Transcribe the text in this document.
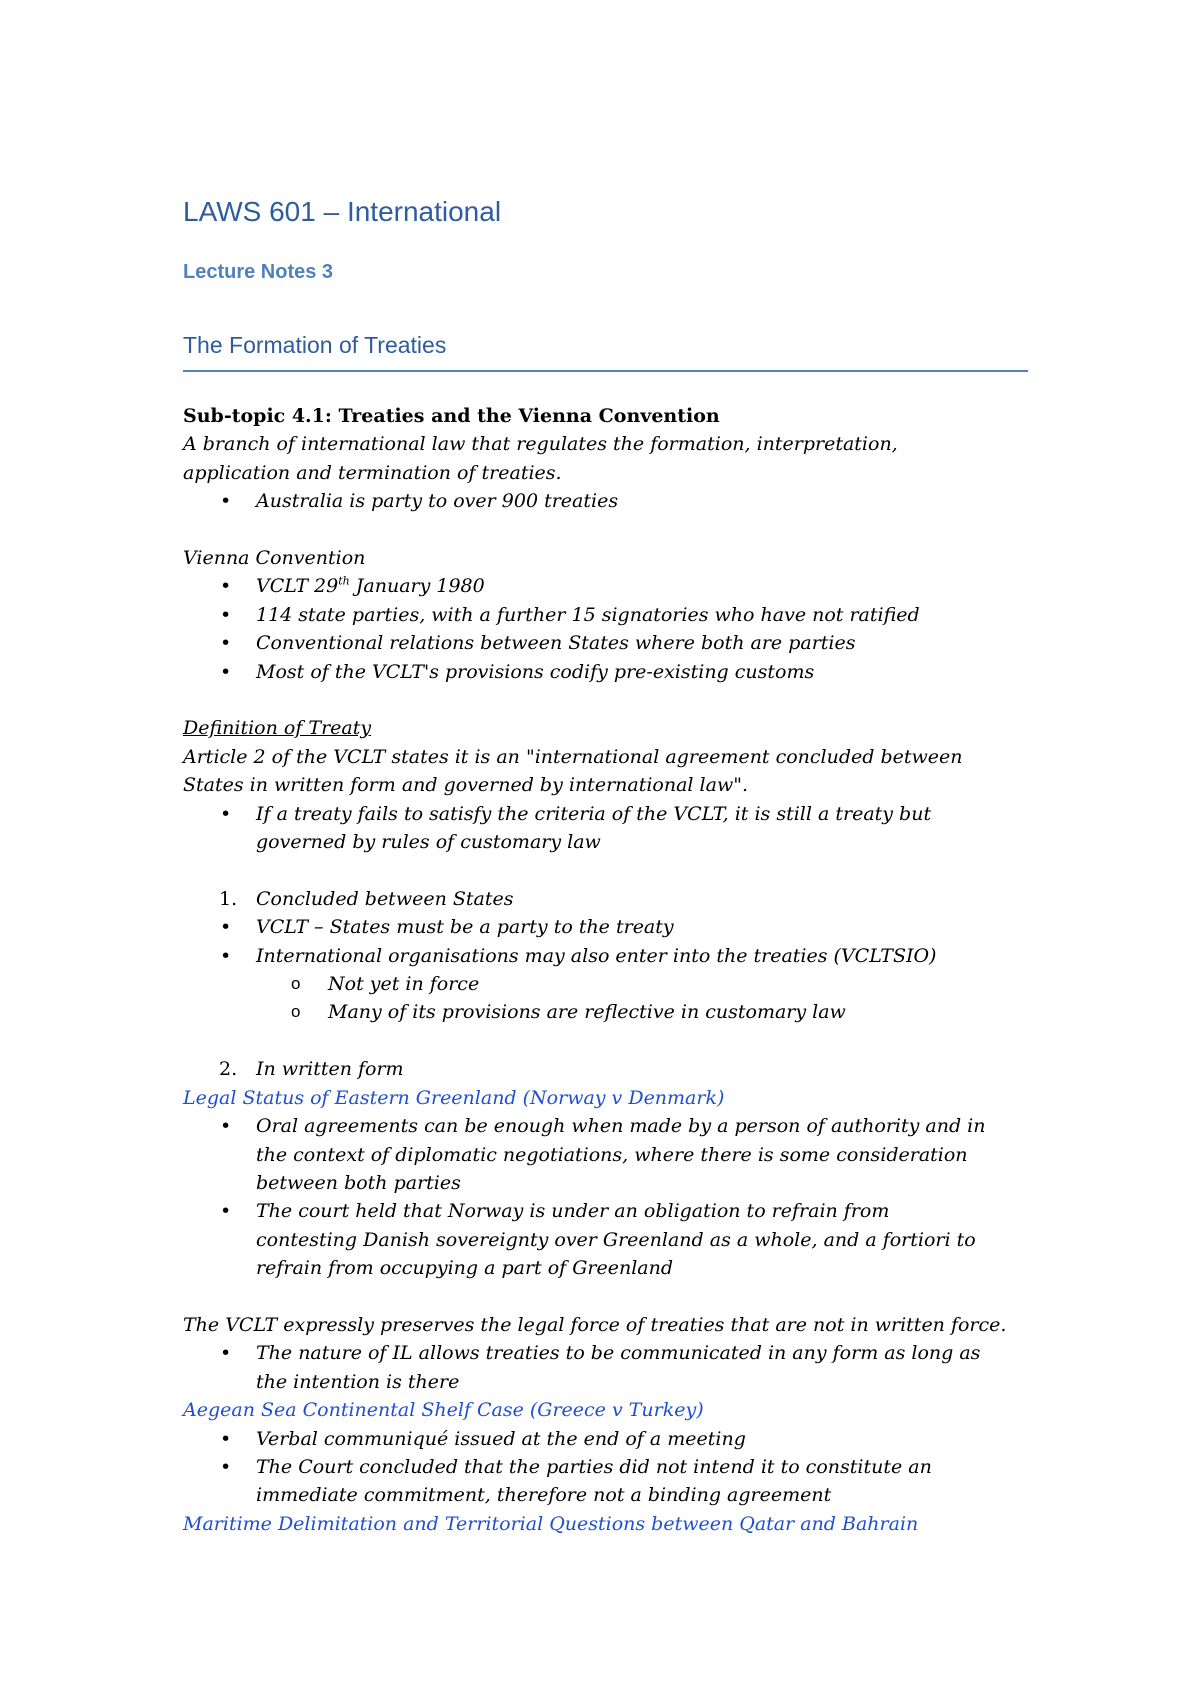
LAWS 601 – International
Lecture Notes 3
The Formation of Treaties

Sub-topic 4.1: Treaties and the Vienna Convention

A branch of international law that regulates the formation, interpretation,

application and termination of treaties.

• Australia is party to over 900 treaties

Vienna Convention

• VCLT 29th January 1980
• 114 state parties, with a further 15 signatories who have not ratified
• Conventional relations between States where both are parties
• Most of the VCLT's provisions codify pre-existing customs

Definition of Treaty

Article 2 of the VCLT states it is an "international agreement concluded between

States in written form and governed by international law".

• If a treaty fails to satisfy the criteria of the VCLT, it is still a treaty but
governed by rules of customary law
1. Concluded between States
• VCLT – States must be a party to the treaty
• International organisations may also enter into the treaties (VCLTSIO)
o Not yet in force
o Many of its provisions are reflective in customary law
2. In written form

Legal Status of Eastern Greenland (Norway v Denmark)

• Oral agreements can be enough when made by a person of authority and in
the context of diplomatic negotiations, where there is some consideration
between both parties
• The court held that Norway is under an obligation to refrain from
contesting Danish sovereignty over Greenland as a whole, and a fortiori to
refrain from occupying a part of Greenland

The VCLT expressly preserves the legal force of treaties that are not in written force.

• The nature of IL allows treaties to be communicated in any form as long as
the intention is there

Aegean Sea Continental Shelf Case (Greece v Turkey)

• Verbal communiqué issued at the end of a meeting
• The Court concluded that the parties did not intend it to constitute an
immediate commitment, therefore not a binding agreement

Maritime Delimitation and Territorial Questions between Qatar and Bahrain
